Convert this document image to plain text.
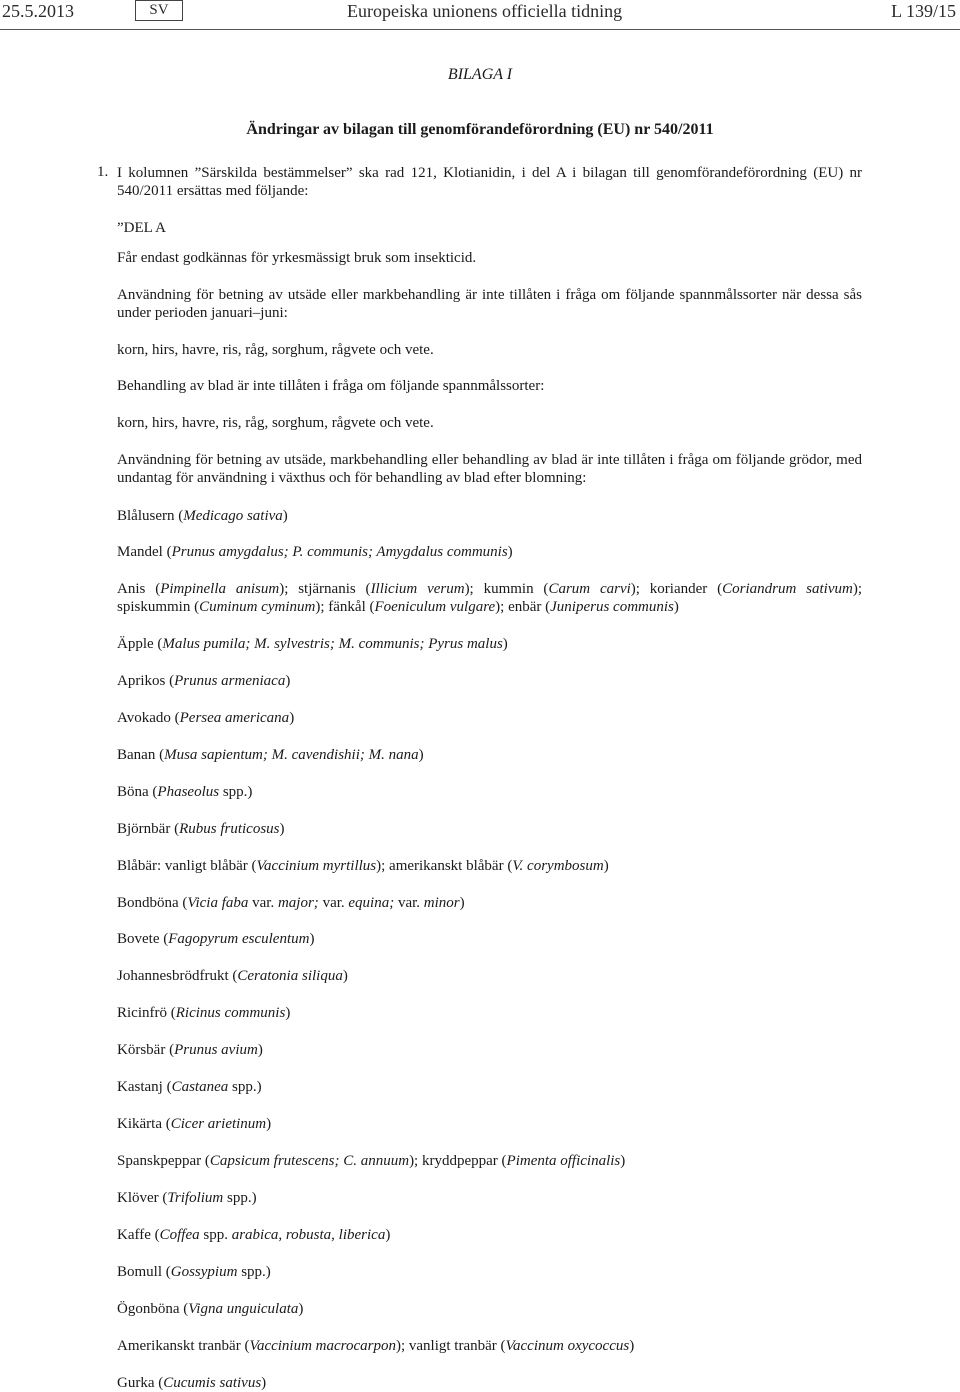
25.5.2013	SV	Europeiska unionens officiella tidning	L 139/15
BILAGA I
Ändringar av bilagan till genomförandeförordning (EU) nr 540/2011
1. I kolumnen ”Särskilda bestämmelser” ska rad 121, Klotianidin, i del A i bilagan till genomförandeförordning (EU) nr 540/2011 ersättas med följande:

”DEL A

Får endast godkännas för yrkesmässigt bruk som insekticid.

Användning för betning av utsäde eller markbehandling är inte tillåten i fråga om följande spannmålssorter när dessa sås under perioden januari–juni:

korn, hirs, havre, ris, råg, sorghum, rågvete och vete.

Behandling av blad är inte tillåten i fråga om följande spannmålssorter:

korn, hirs, havre, ris, råg, sorghum, rågvete och vete.

Användning för betning av utsäde, markbehandling eller behandling av blad är inte tillåten i fråga om följande grödor, med undantag för användning i växthus och för behandling av blad efter blomning:

Blålusern (Medicago sativa)

Mandel (Prunus amygdalus; P. communis; Amygdalus communis)

Anis (Pimpinella anisum); stjärnanis (Illicium verum); kummin (Carum carvi); koriander (Coriandrum sativum); spiskummin (Cuminum cyminum); fänkål (Foeniculum vulgare); enbär (Juniperus communis)

Äpple (Malus pumila; M. sylvestris; M. communis; Pyrus malus)

Aprikos (Prunus armeniaca)

Avokado (Persea americana)

Banan (Musa sapientum; M. cavendishii; M. nana)

Böna (Phaseolus spp.)

Björnbär (Rubus fruticosus)

Blåbär: vanligt blåbär (Vaccinium myrtillus); amerikanskt blåbär (V. corymbosum)

Bondböna (Vicia faba var. major; var. equina; var. minor)

Bovete (Fagopyrum esculentum)

Johannesbrödfrukt (Ceratonia siliqua)

Ricinfrö (Ricinus communis)

Körsbär (Prunus avium)

Kastanj (Castanea spp.)

Kikärta (Cicer arietinum)

Spanskpeppar (Capsicum frutescens; C. annuum); kryddpeppar (Pimenta officinalis)

Klöver (Trifolium spp.)

Kaffe (Coffea spp. arabica, robusta, liberica)

Bomull (Gossypium spp.)

Ögonböna (Vigna unguiculata)

Amerikanskt tranbär (Vaccinium macrocarpon); vanligt tranbär (Vaccinum oxycoccus)

Gurka (Cucumis sativus)
